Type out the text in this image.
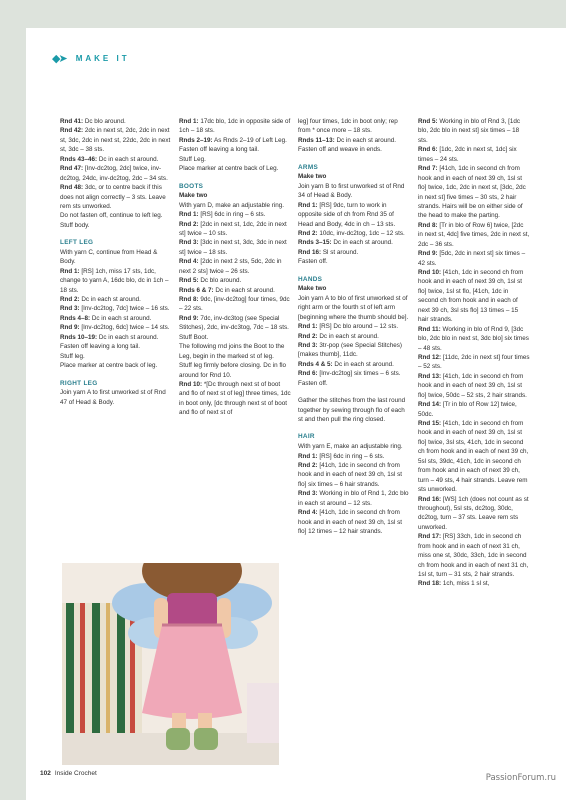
◆➤ MAKE IT

Rnd 41: Dc blo around.

Rnd 42: 2dc in next st, 2dc, 2dc in next st, 3dc, 2dc in next st, 22dc, 2dc in next st, 3dc – 38 sts.

Rnds 43–46: Dc in each st around.

Rnd 47: [Inv-dc2tog, 2dc] twice, inv-dc2tog, 24dc, inv-dc2tog, 2dc – 34 sts.

Rnd 48: 3dc, or to centre back if this does not align correctly – 3 sts. Leave rem sts unworked.

Do not fasten off, continue to left leg.

Stuff body.

LEFT LEG

With yarn C, continue from Head & Body.

Rnd 1: [RS] 1ch, miss 17 sts, 1dc, change to yarn A, 16dc blo, dc in 1ch – 18 sts.

Rnd 2: Dc in each st around.

Rnd 3: [Inv-dc2tog, 7dc] twice – 16 sts.

Rnds 4–8: Dc in each st around.

Rnd 9: [Inv-dc2tog, 6dc] twice – 14 sts.

Rnds 10–19: Dc in each st around.

Fasten off leaving a long tail.

Stuff leg.

Place marker at centre back of leg.

RIGHT LEG

Join yarn A to first unworked st of Rnd 47 of Head & Body.

Rnd 1: 17dc blo, 1dc in opposite side of 1ch – 18 sts.

Rnds 2–19: As Rnds 2–19 of Left Leg.

Fasten off leaving a long tail.

Stuff Leg.

Place marker at centre back of Leg.

BOOTS

Make two

With yarn D, make an adjustable ring.

Rnd 1: [RS] 6dc in ring – 6 sts.

Rnd 2: [2dc in next st, 1dc, 2dc in next st] twice – 10 sts.

Rnd 3: [3dc in next st, 3dc, 3dc in next st] twice – 18 sts.

Rnd 4: [2dc in next 2 sts, 5dc, 2dc in next 2 sts] twice – 26 sts.

Rnd 5: Dc blo around.

Rnds 6 & 7: Dc in each st around.

Rnd 8: 9dc, [inv-dc2tog] four times, 9dc – 22 sts.

Rnd 9: 7dc, inv-dc3tog (see Special Stitches), 2dc, inv-dc3tog, 7dc – 18 sts.

Stuff Boot.

The following rnd joins the Boot to the Leg, begin in the marked st of leg.

Stuff leg firmly before closing. Dc in flo around for Rnd 10.

Rnd 10: *[Dc through next st of boot and flo of next st of leg] three times, 1dc in boot only, [dc through next st of boot and flo of next st of

leg] four times, 1dc in boot only; rep from * once more – 18 sts.

Rnds 11–13: Dc in each st around.

Fasten off and weave in ends.

ARMS

Make two

Join yarn B to first unworked st of Rnd 34 of Head & Body.

Rnd 1: [RS] 9dc, turn to work in opposite side of ch from Rnd 35 of Head and Body, 4dc in ch – 13 sts.

Rnd 2: 10dc, inv-dc2tog, 1dc – 12 sts.

Rnds 3–15: Dc in each st around.

Rnd 16: Sl st around.

Fasten off.

HANDS

Make two

Join yarn A to blo of first unworked st of right arm or the fourth st of left arm [beginning where the thumb should be].

Rnd 1: [RS] Dc blo around – 12 sts.

Rnd 2: Dc in each st around.

Rnd 3: 3tr-pop (see Special Stitches) [makes thumb], 11dc.

Rnds 4 & 5: Dc in each st around.

Rnd 6: [Inv-dc2tog] six times – 6 sts.

Fasten off.

Gather the stitches from the last round together by sewing through flo of each st and then pull the ring closed.

HAIR

With yarn E, make an adjustable ring.

Rnd 1: [RS] 6dc in ring – 6 sts.

Rnd 2: [41ch, 1dc in second ch from hook and in each of next 39 ch, 1sl st flo] six times – 6 hair strands.

Rnd 3: Working in blo of Rnd 1, 2dc blo in each st around – 12 sts.

Rnd 4: [41ch, 1dc in second ch from hook and in each of next 39 ch, 1sl st flo] 12 times – 12 hair strands.

Rnd 5: Working in blo of Rnd 3, [1dc blo, 2dc blo in next st] six times – 18 sts.

Rnd 6: [1dc, 2dc in next st, 1dc] six times – 24 sts.

Rnd 7: [41ch, 1dc in second ch from hook and in each of next 39 ch, 1sl st flo] twice, 1dc, 2dc in next st, [3dc, 2dc in next st] five times – 30 sts, 2 hair strands. Hairs will be on either side of the head to make the parting.

Rnd 8: [Tr in blo of Row 6] twice, [2dc in next st, 4dc] five times, 2dc in next st, 2dc – 36 sts.

Rnd 9: [5dc, 2dc in next st] six times – 42 sts.

Rnd 10: [41ch, 1dc in second ch from hook and in each of next 39 ch, 1sl st flo] twice, 1sl st flo, [41ch, 1dc in second ch from hook and in each of next 39 ch, 3sl sts flo] 13 times – 15 hair strands.

Rnd 11: Working in blo of Rnd 9, [3dc blo, 2dc blo in next st, 3dc blo] six times – 48 sts.

Rnd 12: [11dc, 2dc in next st] four times – 52 sts.

Rnd 13: [41ch, 1dc in second ch from hook and in each of next 39 ch, 1sl st flo] twice, 50dc – 52 sts, 2 hair strands.

Rnd 14: [Tr in blo of Row 12] twice, 50dc.

Rnd 15: [41ch, 1dc in second ch from hook and in each of next 39 ch, 1sl st flo] twice, 3sl sts, 41ch, 1dc in second ch from hook and in each of next 39 ch, 5sl sts, 39dc, 41ch, 1dc in second ch from hook and in each of next 39 ch, turn – 49 sts, 4 hair strands. Leave rem sts unworked.

Rnd 16: [WS] 1ch (does not count as st throughout), 5sl sts, dc2tog, 30dc, dc2tog, turn – 37 sts. Leave rem sts unworked.

Rnd 17: [RS] 33ch, 1dc in second ch from hook and in each of next 31 ch, miss one st, 30dc, 33ch, 1dc in second ch from hook and in each of next 31 ch, 1sl st, turn – 31 sts, 2 hair strands.

Rnd 18: 1ch, miss 1 sl st,

102 Inside Crochet	PassionForum.ru
